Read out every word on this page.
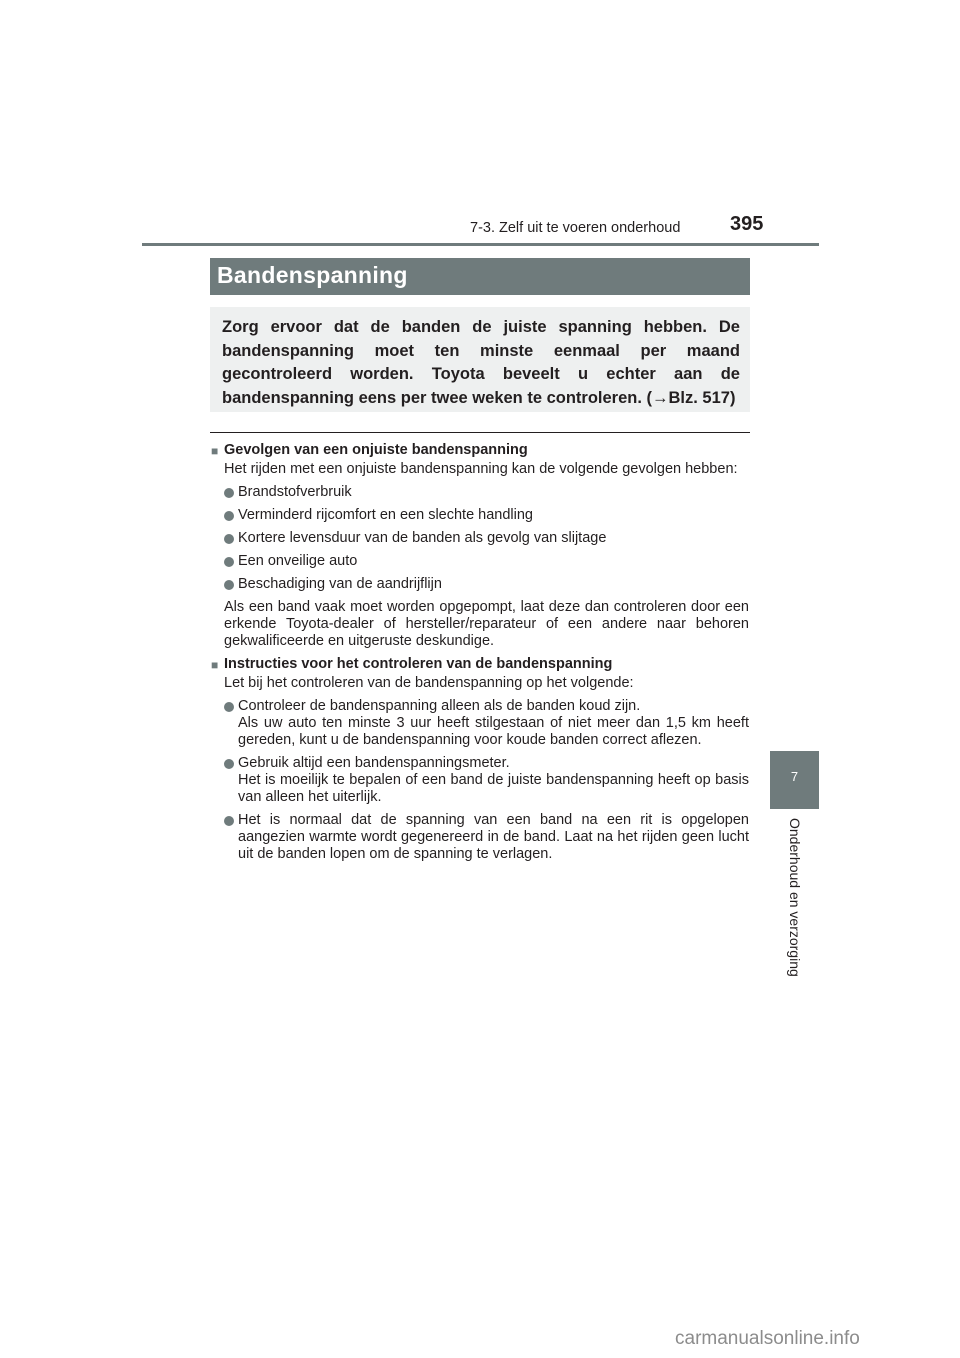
7-3. Zelf uit te voeren onderhoud	395
7
Onderhoud en verzorging
Bandenspanning
Zorg ervoor dat de banden de juiste spanning hebben. De bandenspanning moet ten minste eenmaal per maand gecontroleerd worden. Toyota beveelt u echter aan de bandenspanning eens per twee weken te controleren. (→Blz. 517)
■ Gevolgen van een onjuiste bandenspanning
Het rijden met een onjuiste bandenspanning kan de volgende gevolgen hebben:
Brandstofverbruik
Verminderd rijcomfort en een slechte handling
Kortere levensduur van de banden als gevolg van slijtage
Een onveilige auto
Beschadiging van de aandrijflijn
Als een band vaak moet worden opgepompt, laat deze dan controleren door een erkende Toyota-dealer of hersteller/reparateur of een andere naar behoren gekwalificeerde en uitgeruste deskundige.
■ Instructies voor het controleren van de bandenspanning
Let bij het controleren van de bandenspanning op het volgende:
Controleer de bandenspanning alleen als de banden koud zijn.
Als uw auto ten minste 3 uur heeft stilgestaan of niet meer dan 1,5 km heeft gereden, kunt u de bandenspanning voor koude banden correct aflezen.
Gebruik altijd een bandenspanningsmeter.
Het is moeilijk te bepalen of een band de juiste bandenspanning heeft op basis van alleen het uiterlijk.
Het is normaal dat de spanning van een band na een rit is opgelopen aangezien warmte wordt gegenereerd in de band. Laat na het rijden geen lucht uit de banden lopen om de spanning te verlagen.
carmanualsonline.info
